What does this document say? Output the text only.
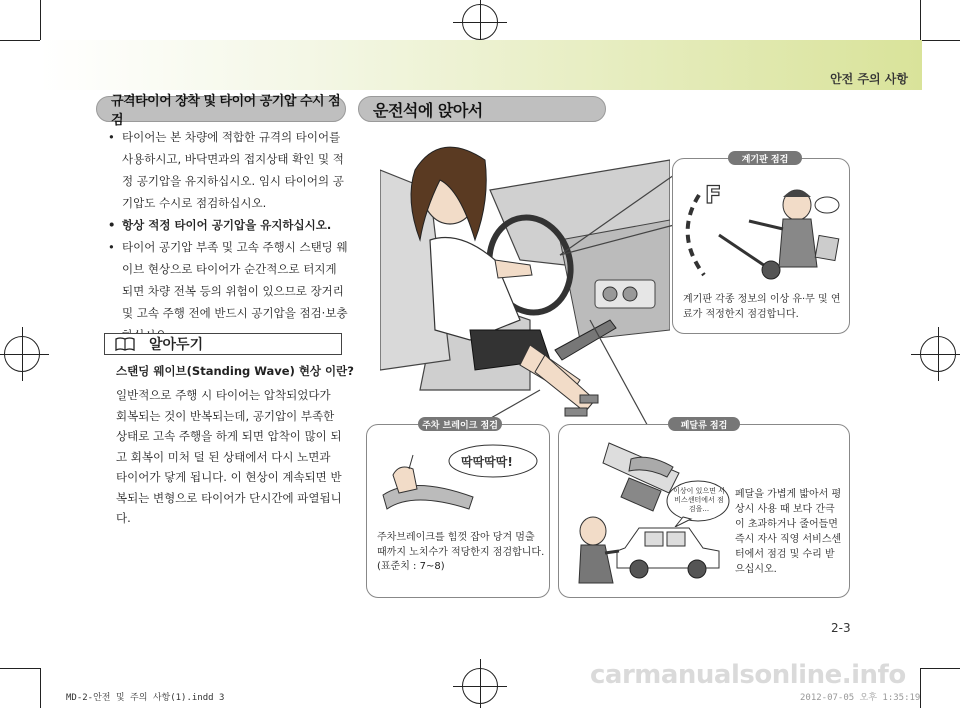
안전 주의 사항
규격타이어 장착 및 타이어 공기압 수시 점검
• 타이어는 본 차량에 적합한 규격의 타이어를 사용하시고, 바닥면과의 접지상태 확인 및 적정 공기압을 유지하십시오. 임시 타이어의 공기압도 수시로 점검하십시오.
• 항상 적정 타이어 공기압을 유지하십시오.
• 타이어 공기압 부족 및 고속 주행시 스탠딩 웨이브 현상으로 타이어가 순간적으로 터지게 되면 차량 전복 등의 위험이 있으므로 장거리 및 고속 주행 전에 반드시 공기압을 점검·보충
알아두기
스탠딩 웨이브(Standing Wave) 현상 이란?
일반적으로 주행 시 타이어는 압착되었다가 회복되는 것이 반복되는데, 공기압이 부족한 상태로 고속 주행을 하게 되면 압착이 많이 되고 회복이 미처 덜 된 상태에서 다시 노면과 타이어가 닿게 됩니다. 이 현상이 계속되면 반복되는 변형으로 타이어가 단시간에 파열됩니다.
운전석에 앉아서
F
계기판 각종 정보의 이상 유·무 및 연료가 적정한지 점검합니다.
계기판 점검
딱딱딱딱!
주차브레이크를 힘껏 잡아 당겨 멈출 때까지 노치수가 적당한지 점검합니다. (표준치 : 7~8)
주차 브레이크 점검
이상이 있으면 서비스센터에서 점검을...
페달을 가볍게 밟아서 평상시 사용 때 보다 간극이 초과하거나 줄어들면 즉시 자사 직영 서비스센터에서 점검 및 수리 받으십시오.
페달류 점검
2-3
carmanualsonline.info
MD-2-안전 및 주의 사항(1).indd 3	2012-07-05 오후 1:35:19
